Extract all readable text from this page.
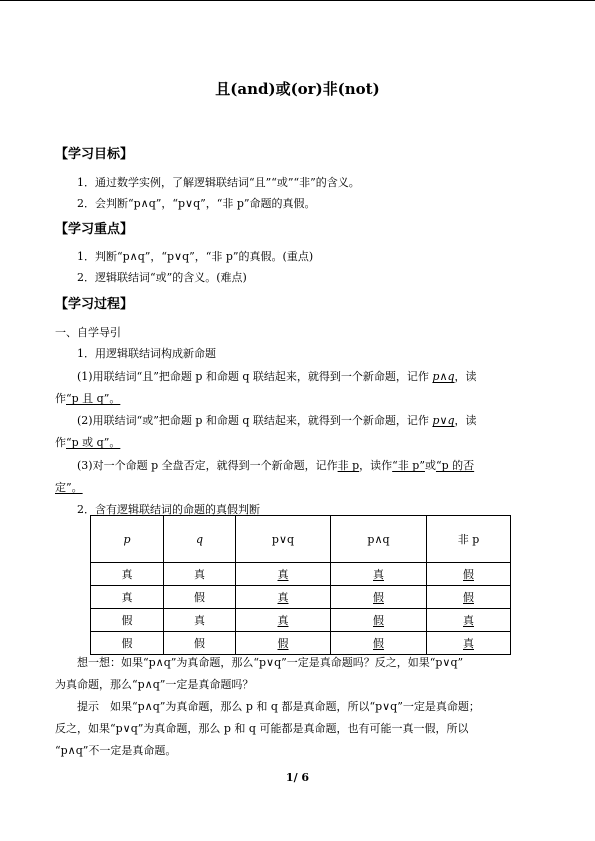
且(and)或(or)非(not)
【学习目标】
1．通过数学实例，了解逻辑联结词“且”“或”“非”的含义。
2．会判断“p∧q”，“p∨q”，“非 p”命题的真假。
【学习重点】
1．判断“p∧q”，“p∨q”，“非 p”的真假。(重点)
2．逻辑联结词“或”的含义。(难点)
【学习过程】
一、自学导引
1．用逻辑联结词构成新命题
(1)用联结词“且”把命题 p 和命题 q 联结起来，就得到一个新命题，记作 p∧q，读
作“p 且 q”。
(2)用联结词“或”把命题 p 和命题 q 联结起来，就得到一个新命题，记作 p∨q，读
作“p 或 q”。
(3)对一个命题 p 全盘否定，就得到一个新命题，记作非 p，读作“非 p”或“p 的否
定”。
2．含有逻辑联结词的命题的真假判断
p	q	p∨q	p∧q	非 p
真	真	真	真	假
真	假	真	假	假
假	真	真	假	真
假	假	假	假	真
想一想：如果“p∧q”为真命题，那么“p∨q”一定是真命题吗？反之，如果“p∨q”
为真命题，那么“p∧q”一定是真命题吗？
提示　如果“p∧q”为真命题，那么 p 和 q 都是真命题，所以“p∨q”一定是真命题；
反之，如果“p∨q”为真命题，那么 p 和 q 可能都是真命题，也有可能一真一假，所以
“p∧q”不一定是真命题。
1/ 6
